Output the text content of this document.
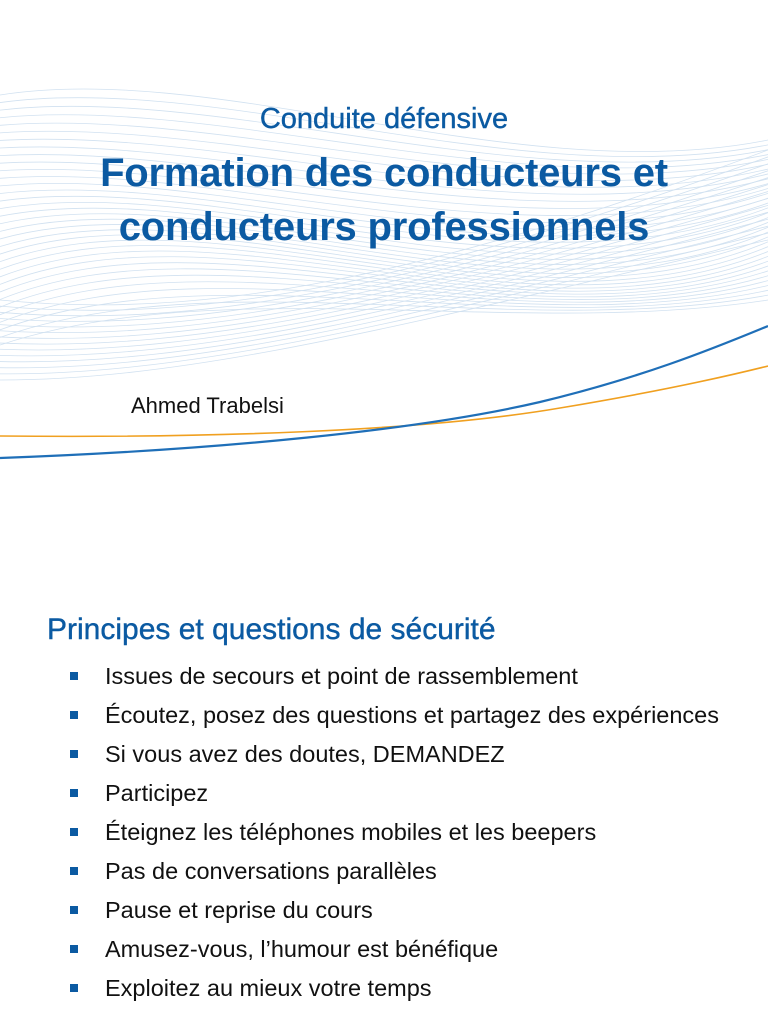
Conduite défensive
Formation des conducteurs et
conducteurs professionnels
Ahmed Trabelsi
Principes et questions de sécurité
Issues de secours et point de rassemblement
Écoutez, posez des questions et partagez des expériences
Si vous avez des doutes, DEMANDEZ
Participez
Éteignez les téléphones mobiles et les beepers
Pas de conversations parallèles
Pause et reprise du cours
Amusez-vous, l’humour est bénéfique
Exploitez au mieux votre temps
